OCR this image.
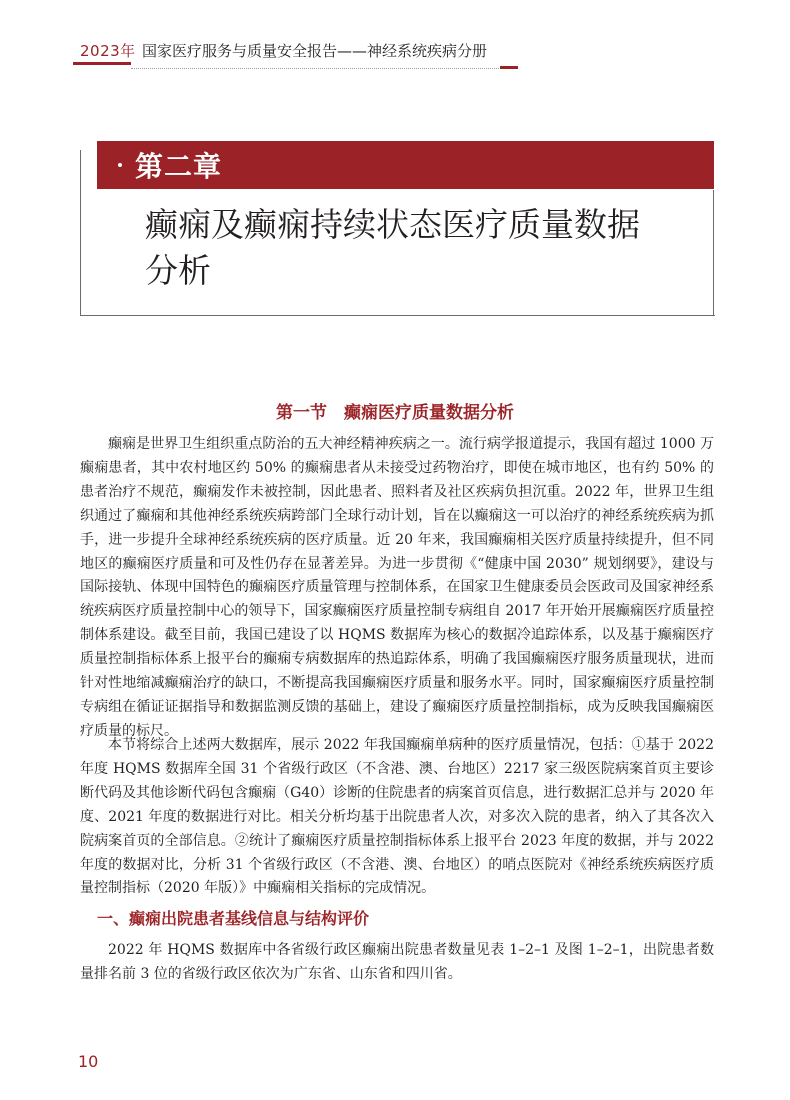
2023年 国家医疗服务与质量安全报告——神经系统疾病分册
第二章
癫痫及癫痫持续状态医疗质量数据分析
第一节　癫痫医疗质量数据分析

癫痫是世界卫生组织重点防治的五大神经精神疾病之一。流行病学报道提示，我国有超过 1000 万癫痫患者，其中农村地区约 50% 的癫痫患者从未接受过药物治疗，即使在城市地区，也有约 50% 的患者治疗不规范，癫痫发作未被控制，因此患者、照料者及社区疾病负担沉重。2022 年，世界卫生组织通过了癫痫和其他神经系统疾病跨部门全球行动计划，旨在以癫痫这一可以治疗的神经系统疾病为抓手，进一步提升全球神经系统疾病的医疗质量。近 20 年来，我国癫痫相关医疗质量持续提升，但不同地区的癫痫医疗质量和可及性仍存在显著差异。为进一步贯彻《“健康中国 2030” 规划纲要》，建设与国际接轨、体现中国特色的癫痫医疗质量管理与控制体系，在国家卫生健康委员会医政司及国家神经系统疾病医疗质量控制中心的领导下，国家癫痫医疗质量控制专病组自 2017 年开始开展癫痫医疗质量控制体系建设。截至目前，我国已建设了以 HQMS 数据库为核心的数据冷追踪体系，以及基于癫痫医疗质量控制指标体系上报平台的癫痫专病数据库的热追踪体系，明确了我国癫痫医疗服务质量现状，进而针对性地缩减癫痫治疗的缺口，不断提高我国癫痫医疗质量和服务水平。同时，国家癫痫医疗质量控制专病组在循证证据指导和数据监测反馈的基础上，建设了癫痫医疗质量控制指标，成为反映我国癫痫医疗质量的标尺。

本节将综合上述两大数据库，展示 2022 年我国癫痫单病种的医疗质量情况，包括：①基于 2022 年度 HQMS 数据库全国 31 个省级行政区（不含港、澳、台地区）2217 家三级医院病案首页主要诊断代码及其他诊断代码包含癫痫（G40）诊断的住院患者的病案首页信息，进行数据汇总并与 2020 年度、2021 年度的数据进行对比。相关分析均基于出院患者人次，对多次入院的患者，纳入了其各次入院病案首页的全部信息。②统计了癫痫医疗质量控制指标体系上报平台 2023 年度的数据，并与 2022 年度的数据对比，分析 31 个省级行政区（不含港、澳、台地区）的哨点医院对《神经系统疾病医疗质量控制指标（2020 年版）》中癫痫相关指标的完成情况。

一、癫痫出院患者基线信息与结构评价

2022 年 HQMS 数据库中各省级行政区癫痫出院患者数量见表 1–2–1 及图 1–2–1，出院患者数量排名前 3 位的省级行政区依次为广东省、山东省和四川省。

10
